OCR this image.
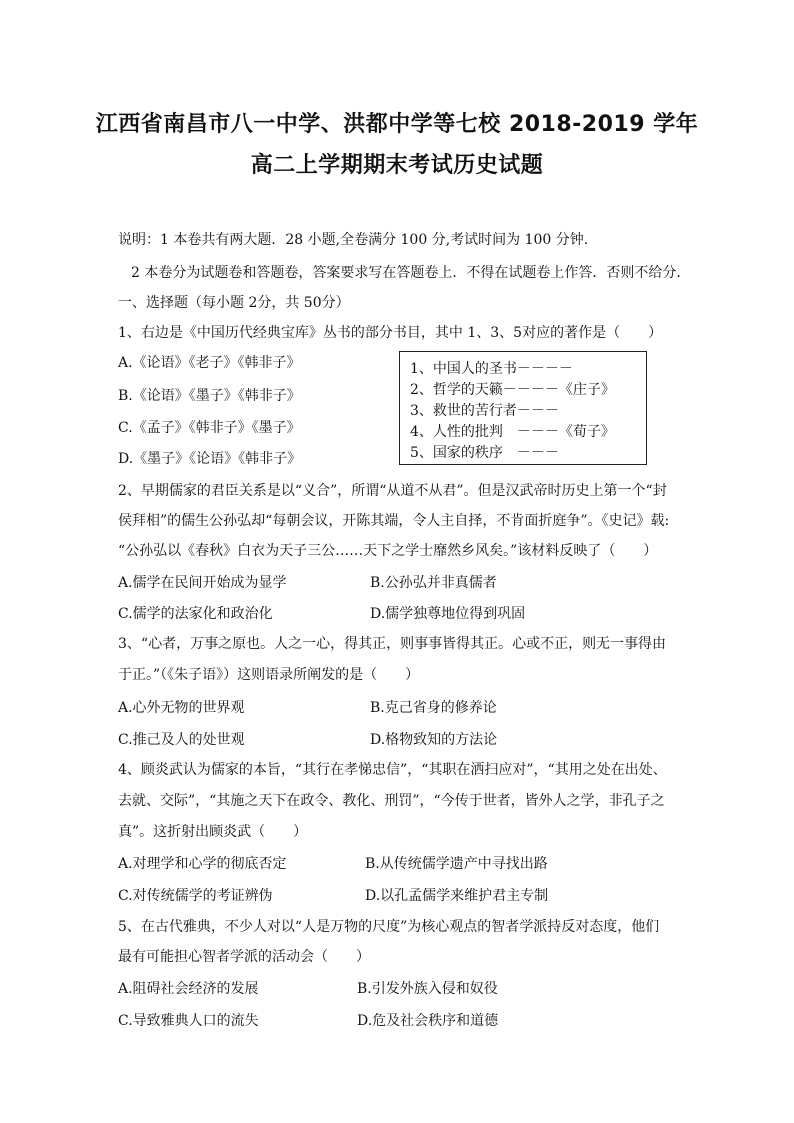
江西省南昌市八一中学、洪都中学等七校 2018-2019 学年
高二上学期期末考试历史试题
说明：1 本卷共有两大题．28 小题,全卷满分 100 分,考试时间为 100 分钟.
2 本卷分为试题卷和答题卷，答案要求写在答题卷上．不得在试题卷上作答．否则不给分.
一、选择题（每小题 2分，共 50分）
1、右边是《中国历代经典宝库》丛书的部分书目，其中 1、3、5对应的著作是（　　）
A.《论语》《老子》《韩非子》
B.《论语》《墨子》《韩非子》
C.《孟子》《韩非子》《墨子》
D.《墨子》《论语》《韩非子》
1、中国人的圣书－－－－
2、哲学的天籁－－－－《庄子》
3、救世的苦行者－－－
4、人性的批判　－－－《荀子》
5、国家的秩序　－－－
2、早期儒家的君臣关系是以“义合”，所谓“从道不从君”。但是汉武帝时历史上第一个“封
侯拜相”的儒生公孙弘却“每朝会议，开陈其端，令人主自择，不肯面折庭争”。《史记》载:
“公孙弘以《春秋》白衣为天子三公……天下之学士靡然乡风矣。”该材料反映了（　　）
A.儒学在民间开始成为显学	B.公孙弘并非真儒者
C.儒学的法家化和政治化	D.儒学独尊地位得到巩固
3、“心者，万事之原也。人之一心，得其正，则事事皆得其正。心或不正，则无一事得由
于正。”（《朱子语》）这则语录所阐发的是（　　）
A.心外无物的世界观	B.克己省身的修养论
C.推己及人的处世观	D.格物致知的方法论
4、顾炎武认为儒家的本旨，“其行在孝悌忠信”，“其职在洒扫应对”，“其用之处在出处、
去就、交际”，“其施之天下在政令、教化、刑罚”，“今传于世者，皆外人之学，非孔子之
真”。这折射出顾炎武（　　）
A.对理学和心学的彻底否定	B.从传统儒学遗产中寻找出路
C.对传统儒学的考证辨伪	D.以孔孟儒学来维护君主专制
5、在古代雅典，不少人对以“人是万物的尺度”为核心观点的智者学派持反对态度，他们
最有可能担心智者学派的活动会（　　）
A.阻碍社会经济的发展	B.引发外族入侵和奴役
C.导致雅典人口的流失	D.危及社会秩序和道德
